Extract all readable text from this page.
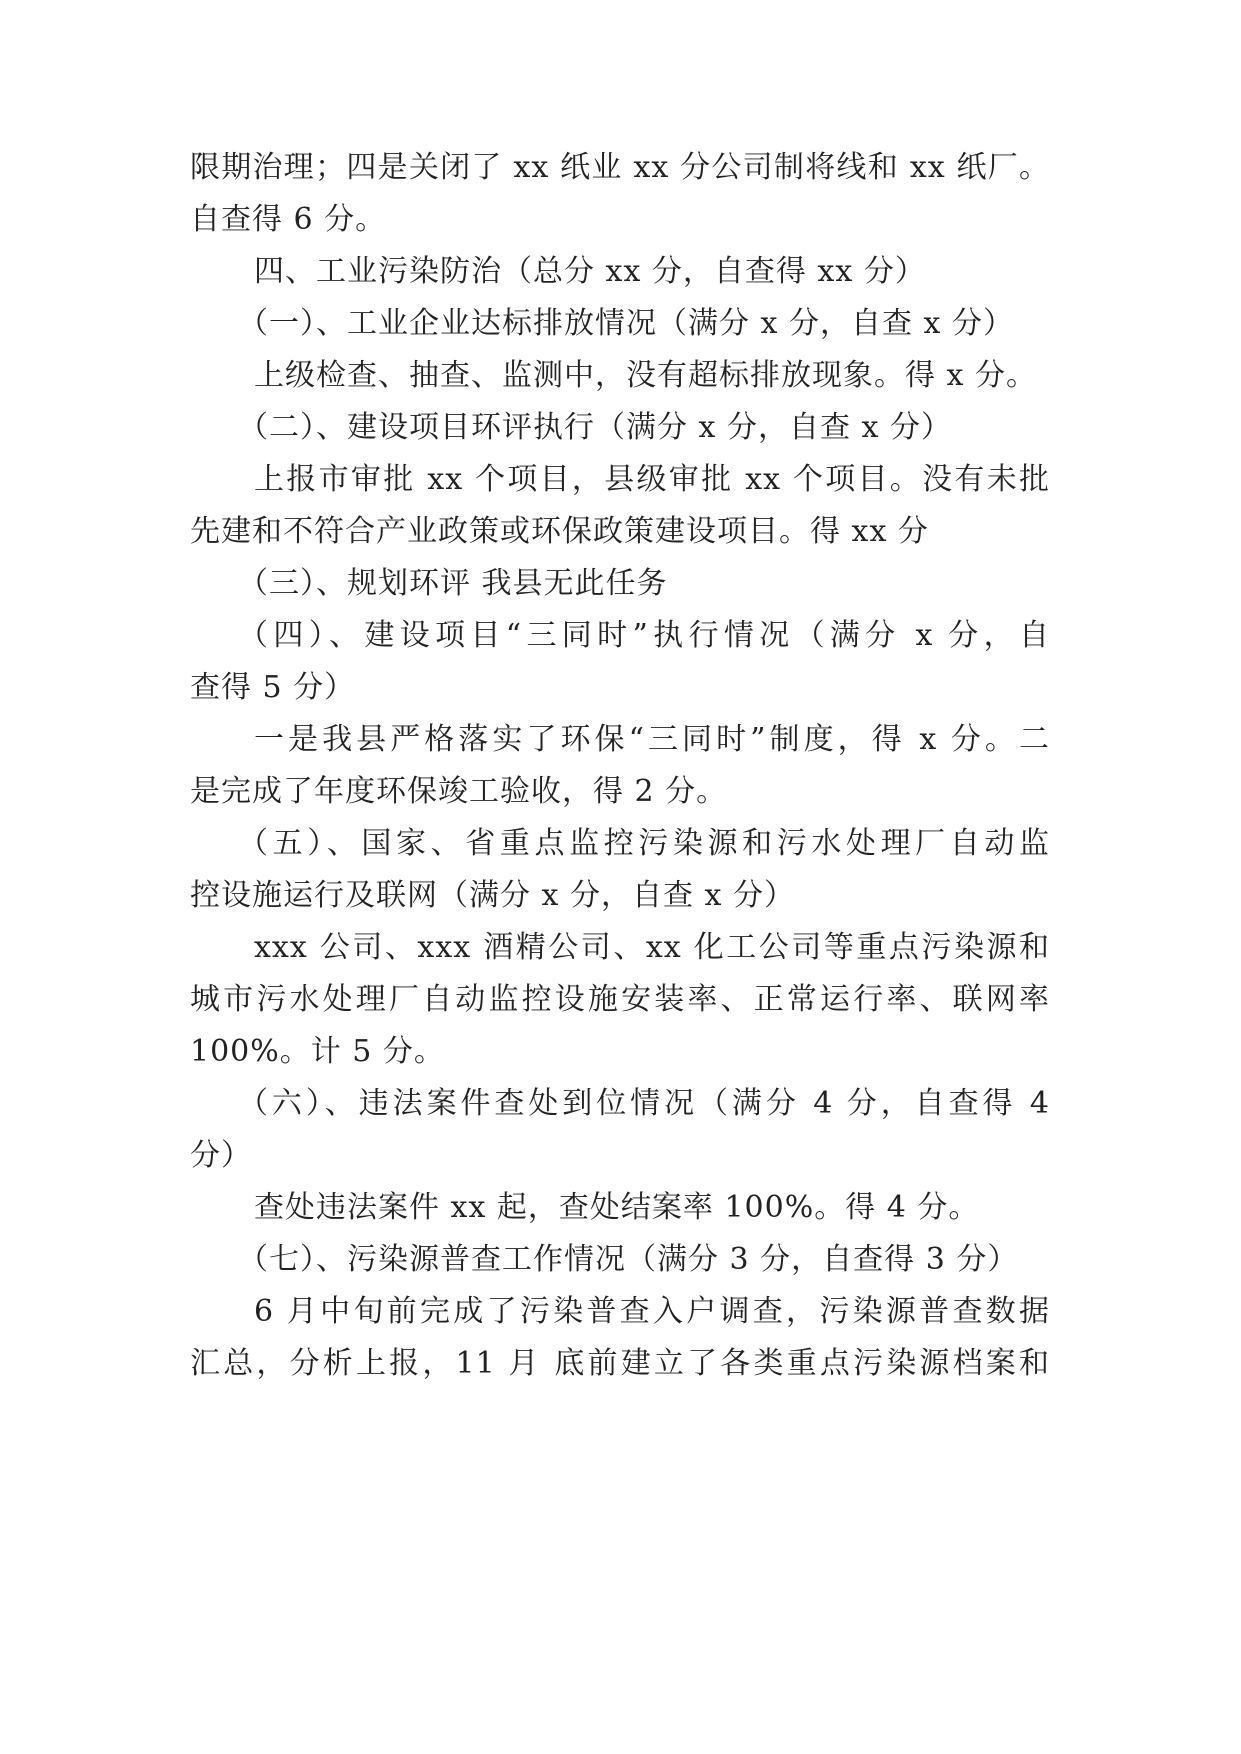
限期治理；四是关闭了 xx 纸业 xx 分公司制将线和 xx 纸厂。
自查得 6 分。
四、工业污染防治（总分 xx 分，自查得 xx 分）
（一）、工业企业达标排放情况（满分 x 分，自查 x 分）
上级检查、抽查、监测中，没有超标排放现象。得 x 分。
（二）、建设项目环评执行（满分 x 分，自查 x 分）
上报市审批 xx 个项目，县级审批 xx 个项目。没有未批
先建和不符合产业政策或环保政策建设项目。得 xx 分
（三）、规划环评 我县无此任务
（四）、建设项目“三同时”执行情况（满分 x 分，自
查得 5 分）
一是我县严格落实了环保“三同时”制度，得 x 分。二
是完成了年度环保竣工验收，得 2 分。
（五）、国家、省重点监控污染源和污水处理厂自动监
控设施运行及联网（满分 x 分，自查 x 分）
xxx 公司、xxx 酒精公司、xx 化工公司等重点污染源和
城市污水处理厂自动监控设施安装率、正常运行率、联网率
100%。计 5 分。
（六）、违法案件查处到位情况（满分 4 分，自查得 4
分）
查处违法案件 xx 起，查处结案率 100%。得 4 分。
（七）、污染源普查工作情况（满分 3 分，自查得 3 分）
6 月中旬前完成了污染普查入户调查，污染源普查数据
汇总，分析上报，11 月 底前建立了各类重点污染源档案和
